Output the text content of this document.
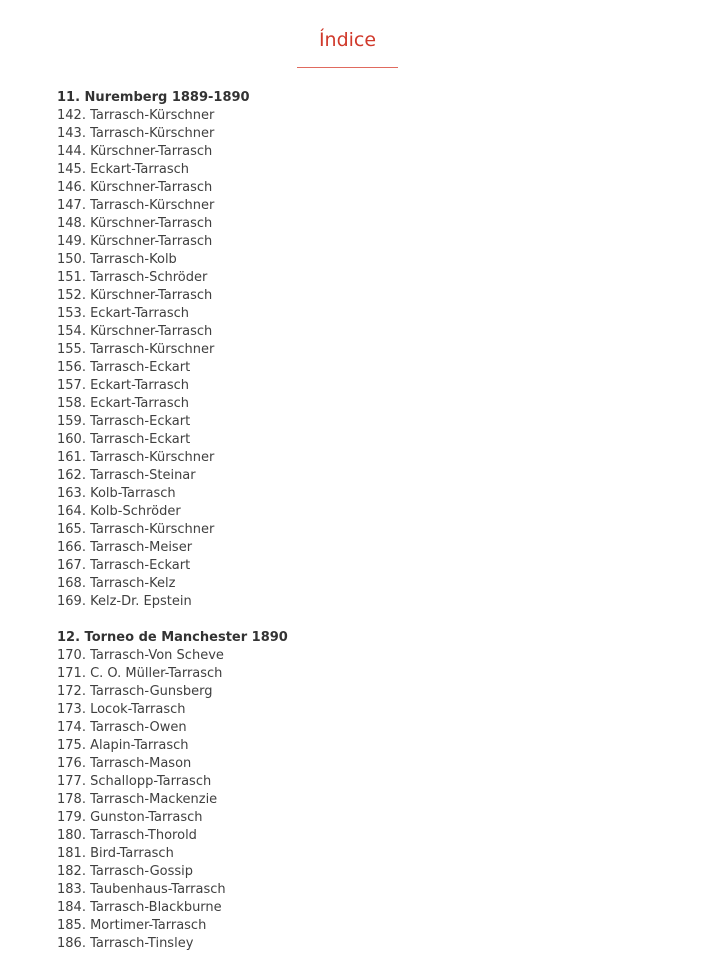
Índice
11. Nuremberg 1889-1890
142. Tarrasch-Kürschner
143. Tarrasch-Kürschner
144. Kürschner-Tarrasch
145. Eckart-Tarrasch
146. Kürschner-Tarrasch
147. Tarrasch-Kürschner
148. Kürschner-Tarrasch
149. Kürschner-Tarrasch
150. Tarrasch-Kolb
151. Tarrasch-Schröder
152. Kürschner-Tarrasch
153. Eckart-Tarrasch
154. Kürschner-Tarrasch
155. Tarrasch-Kürschner
156. Tarrasch-Eckart
157. Eckart-Tarrasch
158. Eckart-Tarrasch
159. Tarrasch-Eckart
160. Tarrasch-Eckart
161. Tarrasch-Kürschner
162. Tarrasch-Steinar
163. Kolb-Tarrasch
164. Kolb-Schröder
165. Tarrasch-Kürschner
166. Tarrasch-Meiser
167. Tarrasch-Eckart
168. Tarrasch-Kelz
169. Kelz-Dr. Epstein
12. Torneo de Manchester 1890
170. Tarrasch-Von Scheve
171. C. O. Müller-Tarrasch
172. Tarrasch-Gunsberg
173. Locok-Tarrasch
174. Tarrasch-Owen
175. Alapin-Tarrasch
176. Tarrasch-Mason
177. Schallopp-Tarrasch
178. Tarrasch-Mackenzie
179. Gunston-Tarrasch
180. Tarrasch-Thorold
181. Bird-Tarrasch
182. Tarrasch-Gossip
183. Taubenhaus-Tarrasch
184. Tarrasch-Blackburne
185. Mortimer-Tarrasch
186. Tarrasch-Tinsley
